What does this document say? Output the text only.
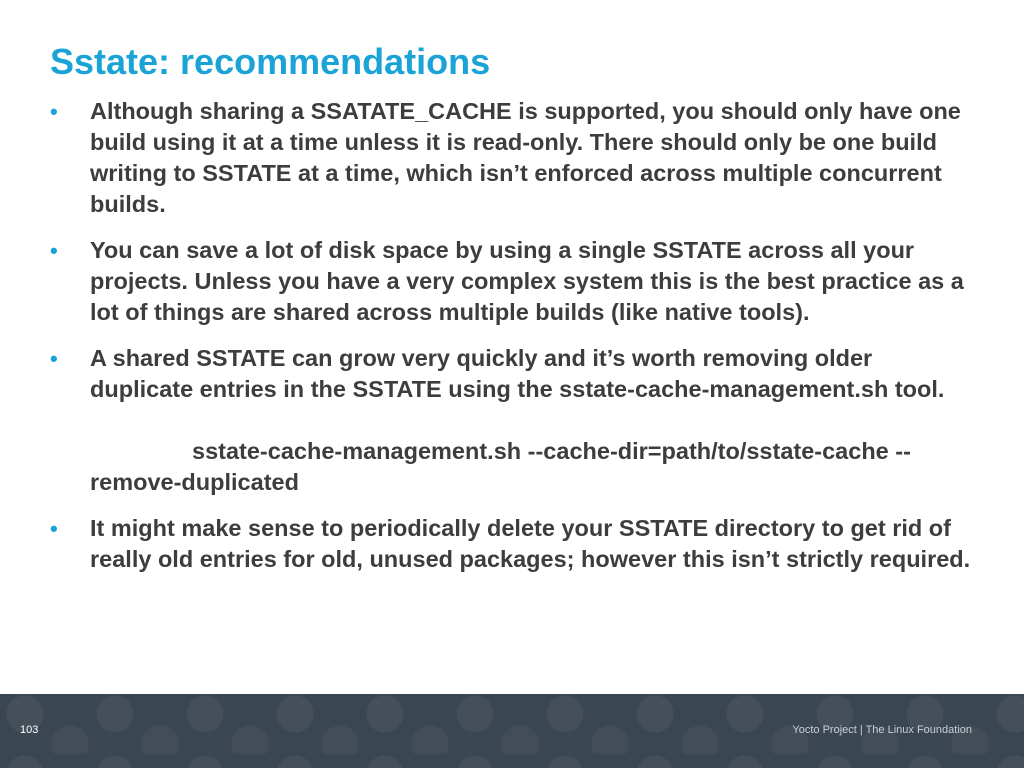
Sstate: recommendations
• Although sharing a SSATATE_CACHE is supported, you should only have one build using it at a time unless it is read-only. There should only be one build writing to SSTATE at a time, which isn’t enforced across multiple concurrent builds.
• You can save a lot of disk space by using a single SSTATE across all your projects. Unless you have a very complex system this is the best practice as a lot of things are shared across multiple builds (like native tools).
• A shared SSTATE can grow very quickly and it’s worth removing older duplicate entries in the SSTATE using the sstate-cache-management.sh tool.
sstate-cache-management.sh --cache-dir=path/to/sstate-cache --remove-duplicated
• It might make sense to periodically delete your SSTATE directory to get rid of really old entries for old, unused packages; however this isn’t strictly required.
103	Yocto Project | The Linux Foundation
